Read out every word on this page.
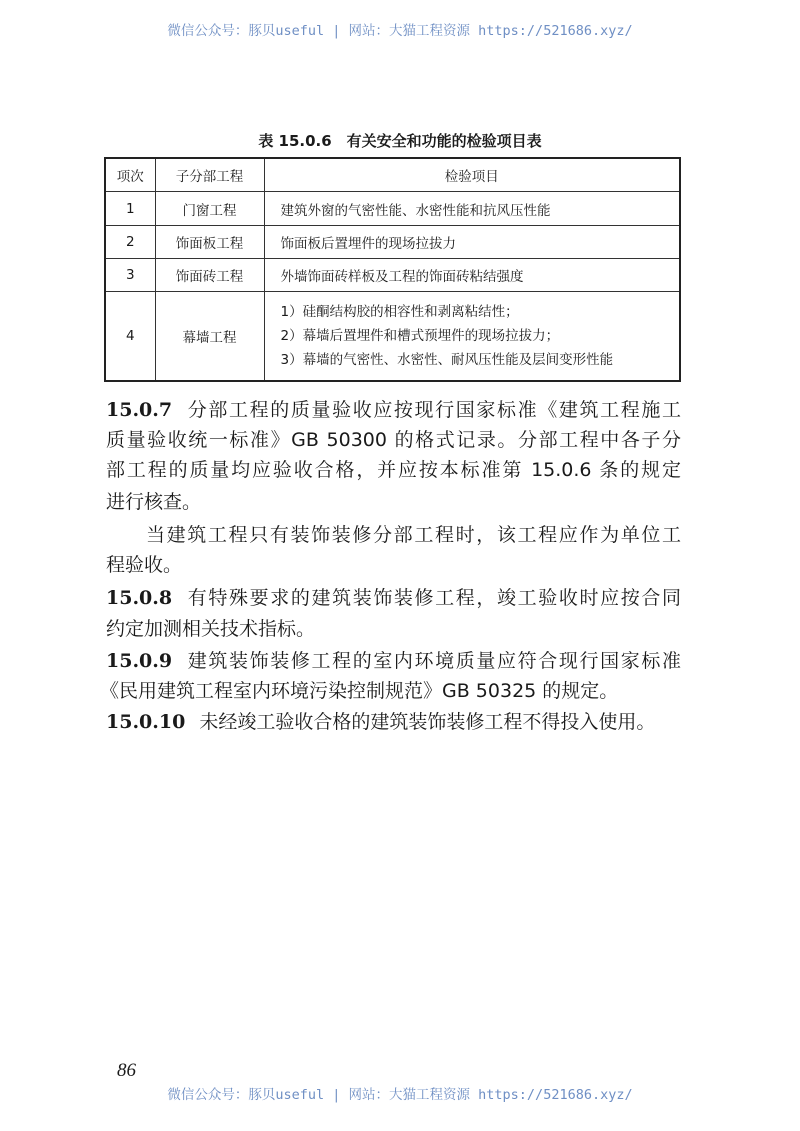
微信公众号：豚贝useful | 网站：大猫工程资源 https://521686.xyz/
表 15.0.6　有关安全和功能的检验项目表
项次	子分部工程	检验项目
1	门窗工程	建筑外窗的气密性能、水密性能和抗风压性能
2	饰面板工程	饰面板后置埋件的现场拉拔力
3	饰面砖工程	外墙饰面砖样板及工程的饰面砖粘结强度
4	幕墙工程	1）硅酮结构胶的相容性和剥离粘结性；
2）幕墙后置埋件和槽式预埋件的现场拉拔力；
3）幕墙的气密性、水密性、耐风压性能及层间变形性能
15.0.7 分部工程的质量验收应按现行国家标准《建筑工程施工
质量验收统一标准》GB 50300 的格式记录。分部工程中各子分
部工程的质量均应验收合格，并应按本标准第 15.0.6 条的规定
进行核查。
当建筑工程只有装饰装修分部工程时，该工程应作为单位工
程验收。
15.0.8 有特殊要求的建筑装饰装修工程，竣工验收时应按合同
约定加测相关技术指标。
15.0.9 建筑装饰装修工程的室内环境质量应符合现行国家标准
《民用建筑工程室内环境污染控制规范》GB 50325 的规定。
15.0.10 未经竣工验收合格的建筑装饰装修工程不得投入使用。
86
微信公众号：豚贝useful | 网站：大猫工程资源 https://521686.xyz/
